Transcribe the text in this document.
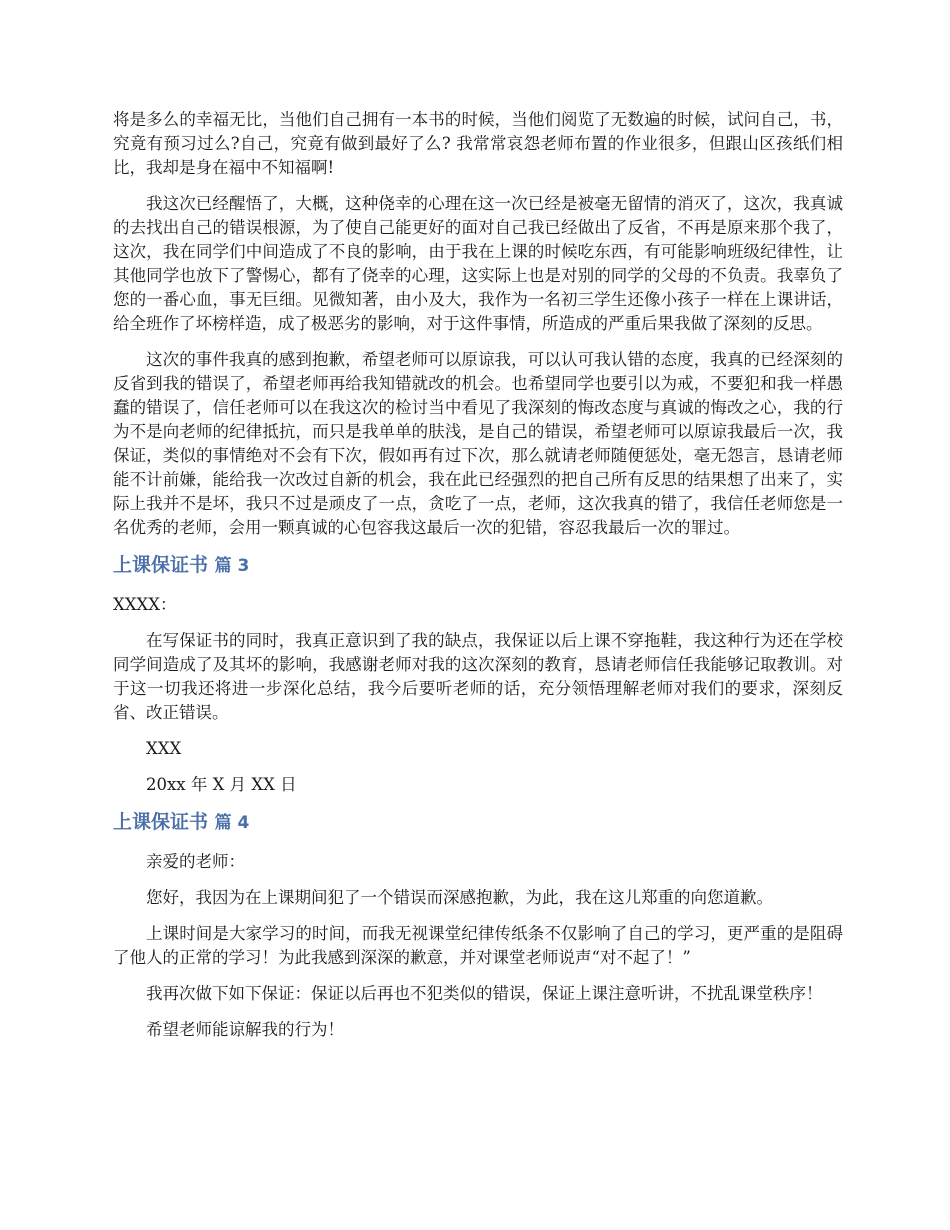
将是多么的幸福无比，当他们自己拥有一本书的时候，当他们阅览了无数遍的时候，试问自己，书，究竟有预习过么?自己，究竟有做到最好了么? 我常常哀怨老师布置的作业很多，但跟山区孩纸们相比，我却是身在福中不知福啊!

我这次已经醒悟了，大概，这种侥幸的心理在这一次已经是被毫无留情的消灭了，这次，我真诚的去找出自己的错误根源，为了使自己能更好的面对自己我已经做出了反省，不再是原来那个我了，这次，我在同学们中间造成了不良的影响，由于我在上课的时候吃东西，有可能影响班级纪律性，让其他同学也放下了警惕心，都有了侥幸的心理，这实际上也是对别的同学的父母的不负责。我辜负了您的一番心血，事无巨细。见微知著，由小及大，我作为一名初三学生还像小孩子一样在上课讲话，给全班作了坏榜样造，成了极恶劣的影响，对于这件事情，所造成的严重后果我做了深刻的反思。

这次的事件我真的感到抱歉，希望老师可以原谅我，可以认可我认错的态度，我真的已经深刻的反省到我的错误了，希望老师再给我知错就改的机会。也希望同学也要引以为戒，不要犯和我一样愚蠢的错误了，信任老师可以在我这次的检讨当中看见了我深刻的悔改态度与真诚的悔改之心，我的行为不是向老师的纪律抵抗，而只是我单单的肤浅，是自己的错误，希望老师可以原谅我最后一次，我保证，类似的事情绝对不会有下次，假如再有过下次，那么就请老师随便惩处，毫无怨言，恳请老师能不计前嫌，能给我一次改过自新的机会，我在此已经强烈的把自己所有反思的结果想了出来了，实际上我并不是坏，我只不过是顽皮了一点，贪吃了一点，老师，这次我真的错了，我信任老师您是一名优秀的老师，会用一颗真诚的心包容我这最后一次的犯错，容忍我最后一次的罪过。

上课保证书 篇 3

XXXX：

在写保证书的同时，我真正意识到了我的缺点，我保证以后上课不穿拖鞋，我这种行为还在学校同学间造成了及其坏的影响，我感谢老师对我的这次深刻的教育，恳请老师信任我能够记取教训。对于这一切我还将进一步深化总结，我今后要听老师的话，充分领悟理解老师对我们的要求，深刻反省、改正错误。

XXX

20xx 年 X 月 XX 日

上课保证书 篇 4

亲爱的老师：

您好，我因为在上课期间犯了一个错误而深感抱歉，为此，我在这儿郑重的向您道歉。

上课时间是大家学习的时间，而我无视课堂纪律传纸条不仅影响了自己的学习，更严重的是阻碍了他人的正常的学习！为此我感到深深的歉意，并对课堂老师说声“对不起了！”

我再次做下如下保证：保证以后再也不犯类似的错误，保证上课注意听讲，不扰乱课堂秩序！

希望老师能谅解我的行为！
